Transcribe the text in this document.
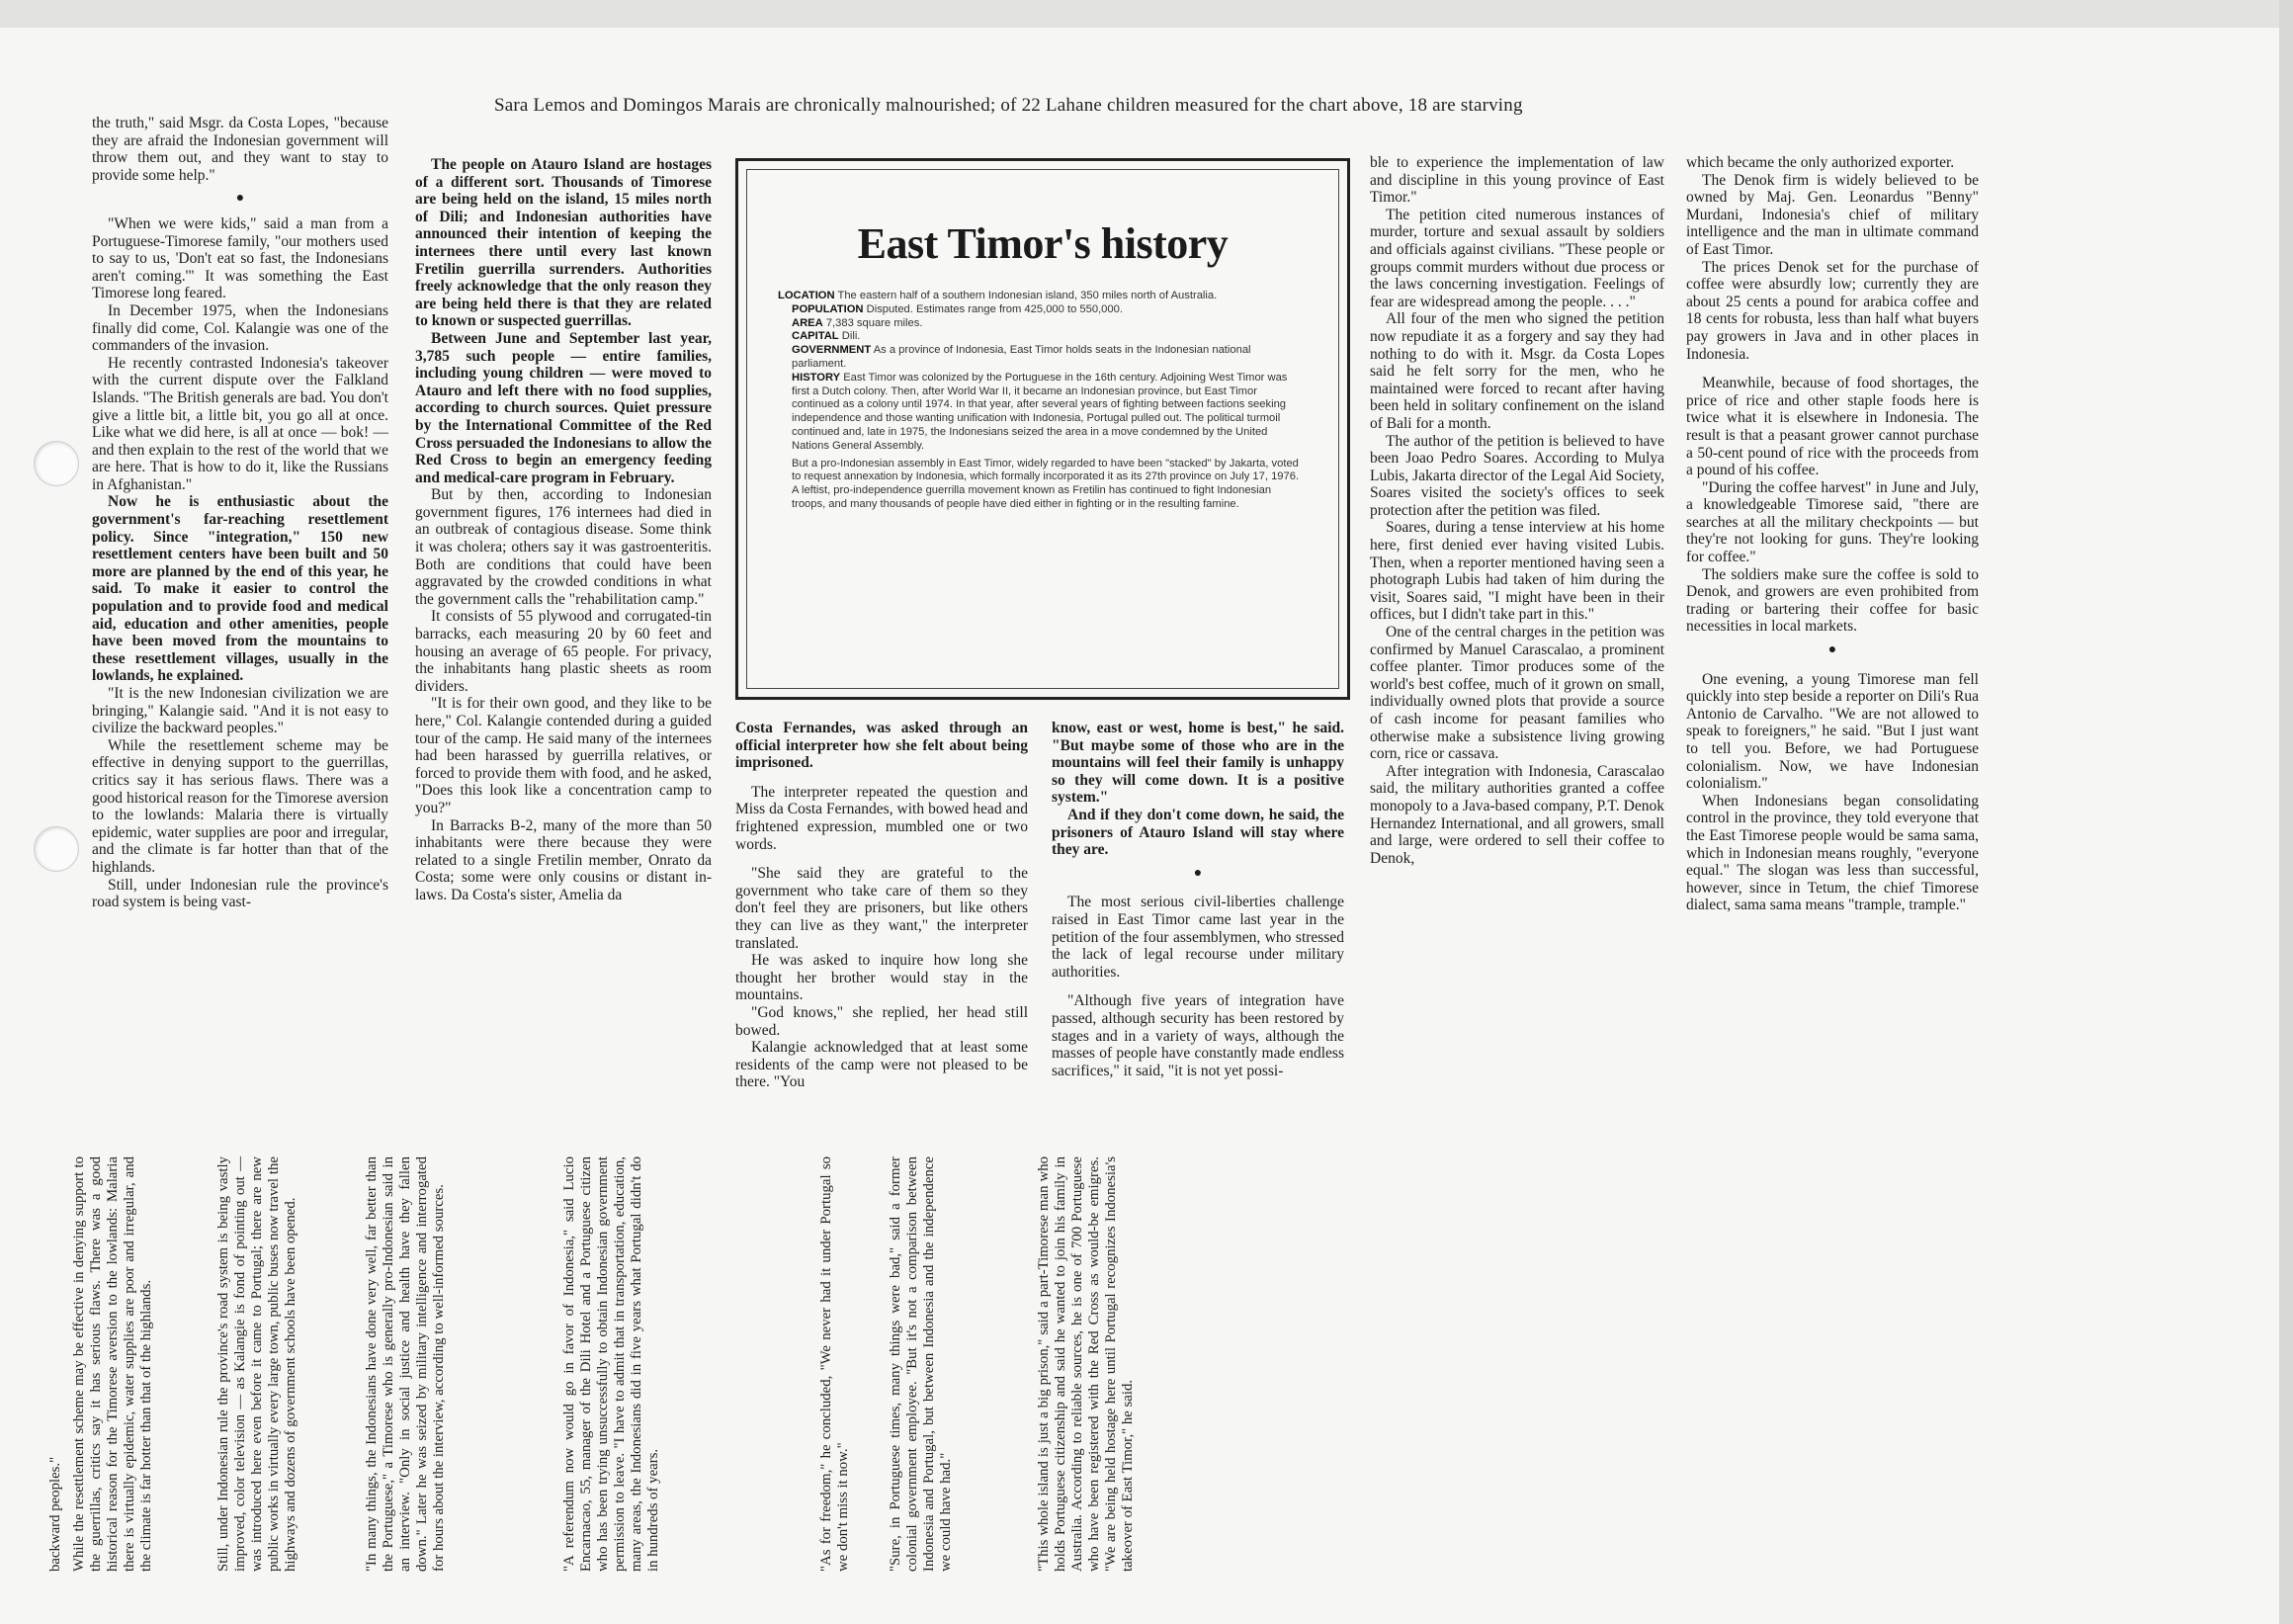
Sara Lemos and Domingos Marais are chronically malnourished; of 22 Lahane children measured for the chart above, 18 are starving

the truth," said Msgr. da Costa Lopes, "because they are afraid the Indonesian government will throw them out, and they want to stay to provide some help."

●

"When we were kids," said a man from a Portuguese-Timorese family, "our mothers used to say to us, 'Don't eat so fast, the Indonesians aren't coming.'" It was something the East Timorese long feared.

In December 1975, when the Indonesians finally did come, Col. Kalangie was one of the commanders of the invasion.

He recently contrasted Indonesia's takeover with the current dispute over the Falkland Islands. "The British generals are bad. You don't give a little bit, a little bit, you go all at once. Like what we did here, is all at once — bok! — and then explain to the rest of the world that we are here. That is how to do it, like the Russians in Afghanistan."

Now he is enthusiastic about the government's far-reaching resettlement policy. Since "integration," 150 new resettlement centers have been built and 50 more are planned by the end of this year, he said. To make it easier to control the population and to provide food and medical aid, education and other amenities, people have been moved from the mountains to these resettlement villages, usually in the lowlands, he explained.

"It is the new Indonesian civilization we are bringing," Kalangie said. "And it is not easy to civilize the backward peoples."

While the resettlement scheme may be effective in denying support to the guerrillas, critics say it has serious flaws. There was a good historical reason for the Timorese aversion to the lowlands: Malaria there is virtually epidemic, water supplies are poor and irregular, and the climate is far hotter than that of the highlands.

Still, under Indonesian rule the province's road system is being vast-

The people on Atauro Island are hostages of a different sort. Thousands of Timorese are being held on the island, 15 miles north of Dili; and Indonesian authorities have announced their intention of keeping the internees there until every last known Fretilin guerrilla surrenders. Authorities freely acknowledge that the only reason they are being held there is that they are related to known or suspected guerrillas.

Between June and September last year, 3,785 such people — entire families, including young children — were moved to Atauro and left there with no food supplies, according to church sources. Quiet pressure by the International Committee of the Red Cross persuaded the Indonesians to allow the Red Cross to begin an emergency feeding and medical-care program in February.

But by then, according to Indonesian government figures, 176 internees had died in an outbreak of contagious disease. Some think it was cholera; others say it was gastroenteritis. Both are conditions that could have been aggravated by the crowded conditions in what the government calls the "rehabilitation camp."

It consists of 55 plywood and corrugated-tin barracks, each measuring 20 by 60 feet and housing an average of 65 people. For privacy, the inhabitants hang plastic sheets as room dividers.

"It is for their own good, and they like to be here," Col. Kalangie contended during a guided tour of the camp. He said many of the internees had been harassed by guerrilla relatives, or forced to provide them with food, and he asked, "Does this look like a concentration camp to you?"

In Barracks B-2, many of the more than 50 inhabitants were there because they were related to a single Fretilin member, Onrato da Costa; some were only cousins or distant in-laws. Da Costa's sister, Amelia da

East Timor's history

LOCATION The eastern half of a southern Indonesian island, 350 miles north of Australia.

POPULATION Disputed. Estimates range from 425,000 to 550,000.

AREA 7,383 square miles.

CAPITAL Dili.

GOVERNMENT As a province of Indonesia, East Timor holds seats in the Indonesian national parliament.

HISTORY East Timor was colonized by the Portuguese in the 16th century. Adjoining West Timor was first a Dutch colony. Then, after World War II, it became an Indonesian province, but East Timor continued as a colony until 1974. In that year, after several years of fighting between factions seeking independence and those wanting unification with Indonesia, Portugal pulled out. The political turmoil continued and, late in 1975, the Indonesians seized the area in a move condemned by the United Nations General Assembly.

But a pro-Indonesian assembly in East Timor, widely regarded to have been "stacked" by Jakarta, voted to request annexation by Indonesia, which formally incorporated it as its 27th province on July 17, 1976. A leftist, pro-independence guerrilla movement known as Fretilin has continued to fight Indonesian troops, and many thousands of people have died either in fighting or in the resulting famine.

Costa Fernandes, was asked through an official interpreter how she felt about being imprisoned.

The interpreter repeated the question and Miss da Costa Fernandes, with bowed head and frightened expression, mumbled one or two words.

"She said they are grateful to the government who take care of them so they don't feel they are prisoners, but like others they can live as they want," the interpreter translated.

He was asked to inquire how long she thought her brother would stay in the mountains.

"God knows," she replied, her head still bowed.

Kalangie acknowledged that at least some residents of the camp were not pleased to be there. "You

know, east or west, home is best," he said. "But maybe some of those who are in the mountains will feel their family is unhappy so they will come down. It is a positive system."

And if they don't come down, he said, the prisoners of Atauro Island will stay where they are.

●

The most serious civil-liberties challenge raised in East Timor came last year in the petition of the four assemblymen, who stressed the lack of legal recourse under military authorities.

"Although five years of integration have passed, although security has been restored by stages and in a variety of ways, although the masses of people have constantly made endless sacrifices," it said, "it is not yet possi-

ble to experience the implementation of law and discipline in this young province of East Timor."

The petition cited numerous instances of murder, torture and sexual assault by soldiers and officials against civilians. "These people or groups commit murders without due process or the laws concerning investigation. Feelings of fear are widespread among the people. . . ."

All four of the men who signed the petition now repudiate it as a forgery and say they had nothing to do with it. Msgr. da Costa Lopes said he felt sorry for the men, who he maintained were forced to recant after having been held in solitary confinement on the island of Bali for a month.

The author of the petition is believed to have been Joao Pedro Soares. According to Mulya Lubis, Jakarta director of the Legal Aid Society, Soares visited the society's offices to seek protection after the petition was filed.

Soares, during a tense interview at his home here, first denied ever having visited Lubis. Then, when a reporter mentioned having seen a photograph Lubis had taken of him during the visit, Soares said, "I might have been in their offices, but I didn't take part in this."

One of the central charges in the petition was confirmed by Manuel Carascalao, a prominent coffee planter. Timor produces some of the world's best coffee, much of it grown on small, individually owned plots that provide a source of cash income for peasant families who otherwise make a subsistence living growing corn, rice or cassava.

After integration with Indonesia, Carascalao said, the military authorities granted a coffee monopoly to a Java-based company, P.T. Denok Hernandez International, and all growers, small and large, were ordered to sell their coffee to Denok,

which became the only authorized exporter.

The Denok firm is widely believed to be owned by Maj. Gen. Leonardus "Benny" Murdani, Indonesia's chief of military intelligence and the man in ultimate command of East Timor.

The prices Denok set for the purchase of coffee were absurdly low; currently they are about 25 cents a pound for arabica coffee and 18 cents for robusta, less than half what buyers pay growers in Java and in other places in Indonesia.

Meanwhile, because of food shortages, the price of rice and other staple foods here is twice what it is elsewhere in Indonesia. The result is that a peasant grower cannot purchase a 50-cent pound of rice with the proceeds from a pound of his coffee.

"During the coffee harvest" in June and July, a knowledgeable Timorese said, "there are searches at all the military checkpoints — but they're not looking for guns. They're looking for coffee."

The soldiers make sure the coffee is sold to Denok, and growers are even prohibited from trading or bartering their coffee for basic necessities in local markets.

●

One evening, a young Timorese man fell quickly into step beside a reporter on Dili's Rua Antonio de Carvalho. "We are not allowed to speak to foreigners," he said. "But I just want to tell you. Before, we had Portuguese colonialism. Now, we have Indonesian colonialism."

When Indonesians began consolidating control in the province, they told everyone that the East Timorese people would be sama sama, which in Indonesian means roughly, "everyone equal." The slogan was less than successful, however, since in Tetum, the chief Timorese dialect, sama sama means "trample, trample."

backward peoples." While the resettlement scheme may be effective in denying support to the guerrillas, critics say it has serious flaws. There was a good historical reason for the Timorese aversion to the lowlands: Malaria there is virtually epidemic, water supplies are poor and irregular, and the climate is far hotter than that of the highlands.	Still, under Indonesian rule the province's road system is being vastly improved, color television — as Kalangie is fond of pointing out — was introduced here even before it came to Portugal; there are new public works in virtually every large town, public buses now travel the highways and dozens of government schools have been opened.	"In many things, the Indonesians have done very well, far better than the Portuguese," a Timorese who is generally pro-Indonesian said in an interview. "Only in social justice and health have they fallen down." Later he was seized by military intelligence and interrogated for hours about the interview, according to well-informed sources.	"A referendum now would go in favor of Indonesia," said Lucio Encarnacao, 55, manager of the Dili Hotel and a Portuguese citizen who has been trying unsuccessfully to obtain Indonesian government permission to leave. "I have to admit that in transportation, education, many areas, the Indonesians did in five years what Portugal didn't do in hundreds of years.	"As for freedom," he concluded, "We never had it under Portugal so we don't miss it now."	"Sure, in Portuguese times, many things were bad," said a former colonial government employee. "But it's not a comparison between Indonesia and Portugal, but between Indonesia and the independence we could have had."	"This whole island is just a big prison," said a part-Timorese man who holds Portuguese citizenship and said he wanted to join his family in Australia. According to reliable sources, he is one of 700 Portuguese who have been registered with the Red Cross as would-be emigres. "We are being held hostage here until Portugal recognizes Indonesia's takeover of East Timor," he said.
